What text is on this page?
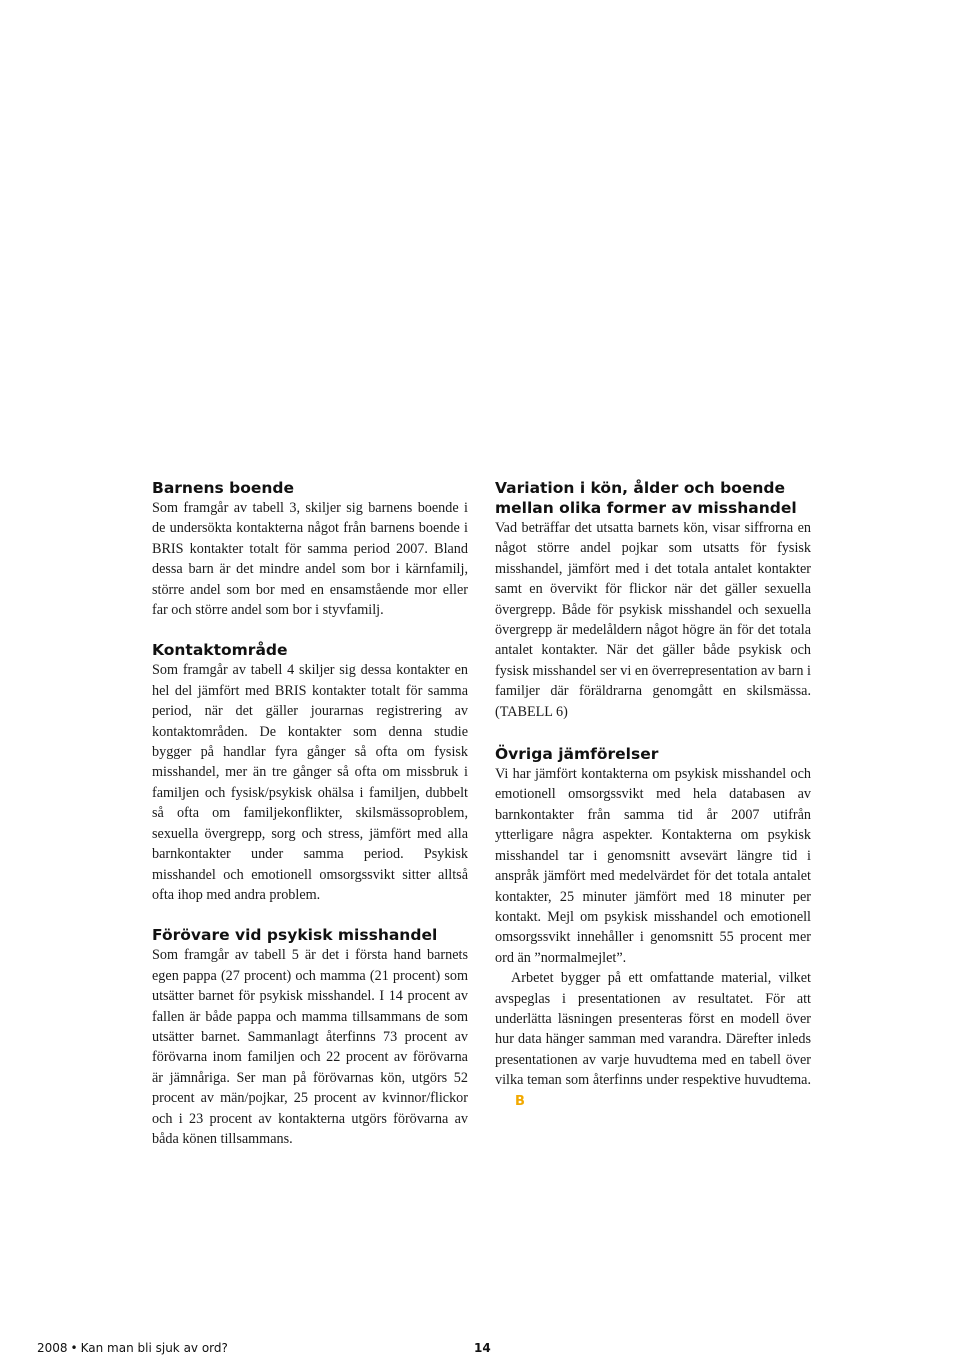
Barnens boende

Som framgår av tabell 3, skiljer sig barnens boende i de undersökta kontakterna något från barnens boende i BRIS kontakter totalt för samma period 2007. Bland dessa barn är det mindre andel som bor i kärnfamilj, större andel som bor med en ensamstående mor eller far och större andel som bor i styvfamilj.

Kontaktområde

Som framgår av tabell 4 skiljer sig dessa kontakter en hel del jämfört med BRIS kontakter totalt för samma period, när det gäller jourarnas registrering av kontaktområden. De kontakter som denna studie bygger på handlar fyra gånger så ofta om fysisk misshandel, mer än tre gånger så ofta om missbruk i familjen och fysisk/psykisk ohälsa i familjen, dubbelt så ofta om familjekonflikter, skilsmässoproblem, sexuella övergrepp, sorg och stress, jämfört med alla barnkontakter under samma period. Psykisk misshandel och emotionell omsorgssvikt sitter alltså ofta ihop med andra problem.

Förövare vid psykisk misshandel

Som framgår av tabell 5 är det i första hand barnets egen pappa (27 procent) och mamma (21 procent) som utsätter barnet för psykisk misshandel. I 14 procent av fallen är både pappa och mamma tillsammans de som utsätter barnet. Sammanlagt återfinns 73 procent av förövarna inom familjen och 22 procent av förövarna är jämnåriga. Ser man på förövarnas kön, utgörs 52 procent av män/pojkar, 25 procent av kvinnor/flickor och i 23 procent av kontakterna utgörs förövarna av båda könen tillsammans.

Variation i kön, ålder och boende mellan olika former av misshandel

Vad beträffar det utsatta barnets kön, visar siffrorna en något större andel pojkar som utsatts för fysisk misshandel, jämfört med i det totala antalet kontakter samt en övervikt för flickor när det gäller sexuella övergrepp. Både för psykisk misshandel och sexuella övergrepp är medelåldern något högre än för det totala antalet kontakter. När det gäller både psykisk och fysisk misshandel ser vi en överrepresentation av barn i familjer där föräldrarna genomgått en skilsmässa. (TABELL 6)

Övriga jämförelser

Vi har jämfört kontakterna om psykisk misshandel och emotionell omsorgssvikt med hela databasen av barnkontakter från samma tid år 2007 utifrån ytterligare några aspekter. Kontakterna om psykisk misshandel tar i genomsnitt avsevärt längre tid i anspråk jämfört med medelvärdet för det totala antalet kontakter, 25 minuter jämfört med 18 minuter per kontakt. Mejl om psykisk misshandel och emotionell omsorgssvikt innehåller i genomsnitt 55 procent mer ord än ”normalmejlet”.

Arbetet bygger på ett omfattande material, vilket avspeglas i presentationen av resultatet. För att underlätta läsningen presenteras först en modell över hur data hänger samman med varandra. Därefter inleds presentationen av varje huvudtema med en tabell över vilka teman som återfinns under respektive huvudtema.B

2008 • Kan man bli sjuk av ord?	14
